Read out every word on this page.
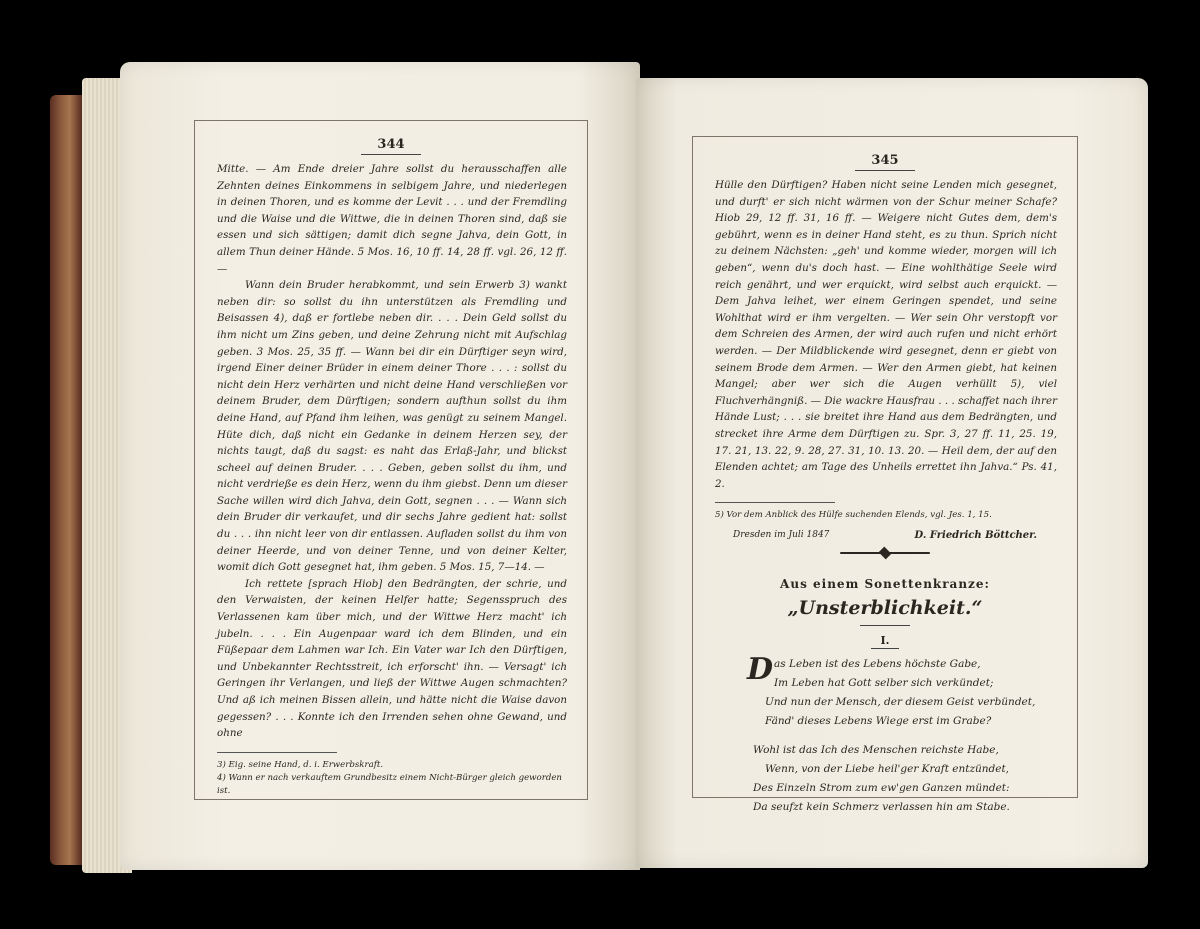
344

Mitte. — Am Ende dreier Jahre sollst du herausschaffen alle Zehnten deines Einkommens in selbigem Jahre, und niederlegen in deinen Thoren, und es komme der Levit . . . und der Fremdling und die Waise und die Wittwe, die in deinen Thoren sind, daß sie essen und sich sättigen; damit dich segne Jahva, dein Gott, in allem Thun deiner Hände. 5 Mos. 16, 10 ff. 14, 28 ff. vgl. 26, 12 ff. —

Wann dein Bruder herabkommt, und sein Erwerb 3) wankt neben dir: so sollst du ihn unterstützen als Fremdling und Beisassen 4), daß er fortlebe neben dir. . . . Dein Geld sollst du ihm nicht um Zins geben, und deine Zehrung nicht mit Aufschlag geben. 3 Mos. 25, 35 ff. — Wann bei dir ein Dürftiger seyn wird, irgend Einer deiner Brüder in einem deiner Thore . . . : sollst du nicht dein Herz verhärten und nicht deine Hand verschließen vor deinem Bruder, dem Dürftigen; sondern aufthun sollst du ihm deine Hand, auf Pfand ihm leihen, was genügt zu seinem Mangel. Hüte dich, daß nicht ein Gedanke in deinem Herzen sey, der nichts taugt, daß du sagst: es naht das Erlaß-Jahr, und blickst scheel auf deinen Bruder. . . . Geben, geben sollst du ihm, und nicht verdrieße es dein Herz, wenn du ihm giebst. Denn um dieser Sache willen wird dich Jahva, dein Gott, segnen . . . — Wann sich dein Bruder dir verkaufet, und dir sechs Jahre gedient hat: sollst du . . . ihn nicht leer von dir entlassen. Aufladen sollst du ihm von deiner Heerde, und von deiner Tenne, und von deiner Kelter, womit dich Gott gesegnet hat, ihm geben. 5 Mos. 15, 7—14. —

Ich rettete [sprach Hiob] den Bedrängten, der schrie, und den Verwaisten, der keinen Helfer hatte; Segensspruch des Verlassenen kam über mich, und der Wittwe Herz macht' ich jubeln. . . . Ein Augenpaar ward ich dem Blinden, und ein Füßepaar dem Lahmen war Ich. Ein Vater war Ich den Dürftigen, und Unbekannter Rechtsstreit, ich erforscht' ihn. — Versagt' ich Geringen ihr Verlangen, und ließ der Wittwe Augen schmachten? Und aß ich meinen Bissen allein, und hätte nicht die Waise davon gegessen? . . . Konnte ich den Irrenden sehen ohne Gewand, und ohne

3) Eig. seine Hand, d. i. Erwerbskraft.

4) Wann er nach verkauftem Grundbesitz einem Nicht-Bürger gleich geworden ist.

345

Hülle den Dürftigen? Haben nicht seine Lenden mich gesegnet, und durft' er sich nicht wärmen von der Schur meiner Schafe? Hiob 29, 12 ff. 31, 16 ff. — Weigere nicht Gutes dem, dem's gebührt, wenn es in deiner Hand steht, es zu thun. Sprich nicht zu deinem Nächsten: „geh' und komme wieder, morgen will ich geben“, wenn du's doch hast. — Eine wohlthätige Seele wird reich genährt, und wer erquickt, wird selbst auch erquickt. — Dem Jahva leihet, wer einem Geringen spendet, und seine Wohlthat wird er ihm vergelten. — Wer sein Ohr verstopft vor dem Schreien des Armen, der wird auch rufen und nicht erhört werden. — Der Mildblickende wird gesegnet, denn er giebt von seinem Brode dem Armen. — Wer den Armen giebt, hat keinen Mangel; aber wer sich die Augen verhüllt 5), viel Fluchverhängniß. — Die wackre Hausfrau . . . schaffet nach ihrer Hände Lust; . . . sie breitet ihre Hand aus dem Bedrängten, und strecket ihre Arme dem Dürftigen zu. Spr. 3, 27 ff. 11, 25. 19, 17. 21, 13. 22, 9. 28, 27. 31, 10. 13. 20. — Heil dem, der auf den Elenden achtet; am Tage des Unheils errettet ihn Jahva.“ Ps. 41, 2.

5) Vor dem Anblick des Hülfe suchenden Elends, vgl. Jes. 1, 15.

Dresden im Juli 1847	D. Friedrich Böttcher.
Aus einem Sonettenkranze:
„Unsterblichkeit.“
I.

Das Leben ist des Lebens höchste Gabe,

Im Leben hat Gott selber sich verkündet;

Und nun der Mensch, der diesem Geist verbündet,

Fänd' dieses Lebens Wiege erst im Grabe?

Wohl ist das Ich des Menschen reichste Habe,

Wenn, von der Liebe heil'ger Kraft entzündet,

Des Einzeln Strom zum ew'gen Ganzen mündet:

Da seufzt kein Schmerz verlassen hin am Stabe.
